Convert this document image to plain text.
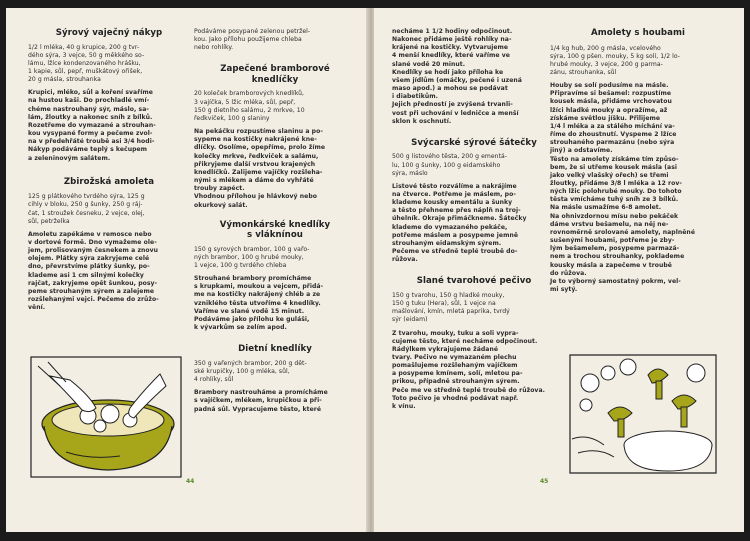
Sýrový vaječný nákyp

1/2 l mléka, 40 g krupice, 200 g tvr-
dého sýra, 3 vejce, 50 g měkkého so-
lámu, lžíce kondenzovaného hrášku,
1 kapie, sůl, pepř, muškátový ořišek,
20 g másla, strouhanka

Krupici, mléko, sůl a koření svaříme
na hustou kaši. Do prochladlé vmí-
chéme nastrouhaný sýr, máslo, sa-
lám, žloutky a nakonec sníh z bílků.
Rozetřeme do vymazané a strouhan-
kou vysypané formy a pečeme zvol-
na v předehřáté troubě asi 3/4 hodi-
Nákyp podáváme teplý s kečupem
a zeleninovým salátem.

Zbirožská amoleta

125 g plátkového tvrdého sýra, 125 g
cihly v bloku, 250 g šunky, 250 g ráj-
čat, 1 stroužek česneku, 2 vejce, olej,
sůl, petrželka

Amoletu zapékáme v remosce nebo
v dortové formě. Dno vymažeme ole-
jem, prolisovaným česnekem a znovu
olejem. Plátky sýra zakryjeme celé
dno, převrstvíme plátky šunky, po-
klademe asi 1 cm silnými kolečky
rajčat, zakryjeme opět šunkou, posy-
peme strouhaným sýrem a zalejeme
rozšlehanými vejci. Pečeme do zrůžo-
vění.

Podáváme posypané zelenou petržel-
kou. Jako přílohu použijeme chleba
nebo rohlíky.

Zapečené bramborové
knedlíčky

20 koleček bramborových knedlíků,
3 vajíčka, 5 lžic mléka, sůl, pepř,
150 g dietního salámu, 2 mrkve, 10
ředkviček, 100 g slaniny

Na pekáčku rozpustíme slaninu a po-
sypeme na kostičky nakrájené kne-
dlíčky. Osolíme, opepříme, prolo žíme
kolečky mrkve, ředkviček a salámu,
přikryjeme další vrstvou krajených
knedlíčků. Zalijeme vajíčky rozšleha-
nými s mlékem a dáme do vyhřáté
trouby zapéct.
Vhodnou přílohou je hlávkový nebo
okurkový salát.

Výmonkárské knedlíky
s vláknínou

150 g syrových brambor, 100 g vařo-
ných brambor, 100 g hrubé mouky,
1 vejce, 100 g tvrdého chleba

Strouhané brambory promícháme
s krupkami, moukou a vejcem, přidá-
me na kostičky nakrájený chléb a ze
vzniklého těsta utvoříme 4 knedlíky.
Vaříme ve slané vodě 15 minut.
Podáváme jako přílohu ke guláši,
k vývarkům se zelím apod.

Dietní knedlíky

350 g vařených brambor, 200 g dět-
ské krupičky, 100 g mléka, sůl,
4 rohlíky, sůl

Brambory nastrouháme a promícháme
s vajíčkem, mlékem, krupičkou a při-
padná sůl. Vypracujeme těsto, které

44

necháme 1 1/2 hodiny odpočinout.
Nakonec přidáme ještě rohlíky na-
krájené na kostičky. Vytvarujeme
4 menší knedlíky, které vaříme ve
slané vodě 20 minut.
Knedlíky se hodí jako příloha ke
všem jídlům (omáčky, pečené i uzená
maso apod.) a mohou se podávat
i diabetikům.
Jejich předností je zvýšená trvanli-
vost při uchování v ledničce a menší
sklon k oschnutí.

Svýcarské sýrové šátečky

500 g listového těsta, 200 g ementá-
lu, 100 g šunky, 100 g eidamského
sýra, máslo

Listové těsto rozválíme a nakrájíme
na čtverce. Potřeme je máslem, po-
klademe kousky ementálu a šunky
a těsto přehneme přes náplň na troj-
úhelník. Okraje přimáčkneme. Šátečky
klademe do vymazaného pekáče,
potřeme máslem a posypeme jemně
strouhaným eidamským sýrem.
Pečeme ve středně teplé troubě do-
růžova.

Slané tvarohové pečivo

150 g tvarohu, 150 g hladké mouky,
150 g tuku (Hera), sůl, 1 vejce na
mašlování, kmín, mletá paprika, tvrdý
sýr (eidam)

Z tvarohu, mouky, tuku a soli vypra-
cujeme těsto, které necháme odpočinout.
Rádýlkem vykrajujeme žádané
tvary. Pečivo ne vymazaném plechu
pomašlujeme rozšlehaným vajíčkem
a posypeme kmínem, solí, mletou pa-
prikou, případně strouhaným sýrem.
Peče me ve středně teplé troubě do růžova.
Toto pečivo je vhodné podávat např.
k vínu.

Amolety s houbami

1/4 kg hub, 200 g másla, vcelového
sýra, 100 g pšen. mouky, 5 kg solí, 1/2 lo-
hrubé mouky, 3 vejce, 200 g parma-
zánu, strouhanka, sůl

Houby se solí podusíme na másle.
Připravíme si bešamel: rozpustíme
kousek másla, přidáme vrchovatou
lžíci hladké mouky a opražíme, až
získáme světlou jíšku. Přilijeme
1/4 l mléka a za stálého míchání va-
říme do zhoustnutí. Vyspeme 2 lžíce
strouhaného parmazánu (nebo sýra
jiný) a odstavíme.
Těsto na amolety získáme tím způso-
bem, že si utřeme kousek másla (asi
jako velký vlašský ořech) se třemi
žloutky, přidáme 3/8 l mléka a 12 rov-
ných lžic polohrubé mouky. Do tohoto
těsta vmícháme tuhý sníh ze 3 bílků.
Na másle usmažíme 6-8 amolet.
Na ohnivzdornou mísu nebo pekáček
dáme vrstvu bešamelu, na něj ne-
rovnoměrně srolované amolety, naplněné
sušenými houbami, potřeme je zby-
lým bešamelem, posypeme parmazá-
nem a trochou strouhanky, poklademe
kousky másla a zapečeme v troubě
do růžova.
Je to výborný samostatný pokrm, vel-
mi sytý.

45
